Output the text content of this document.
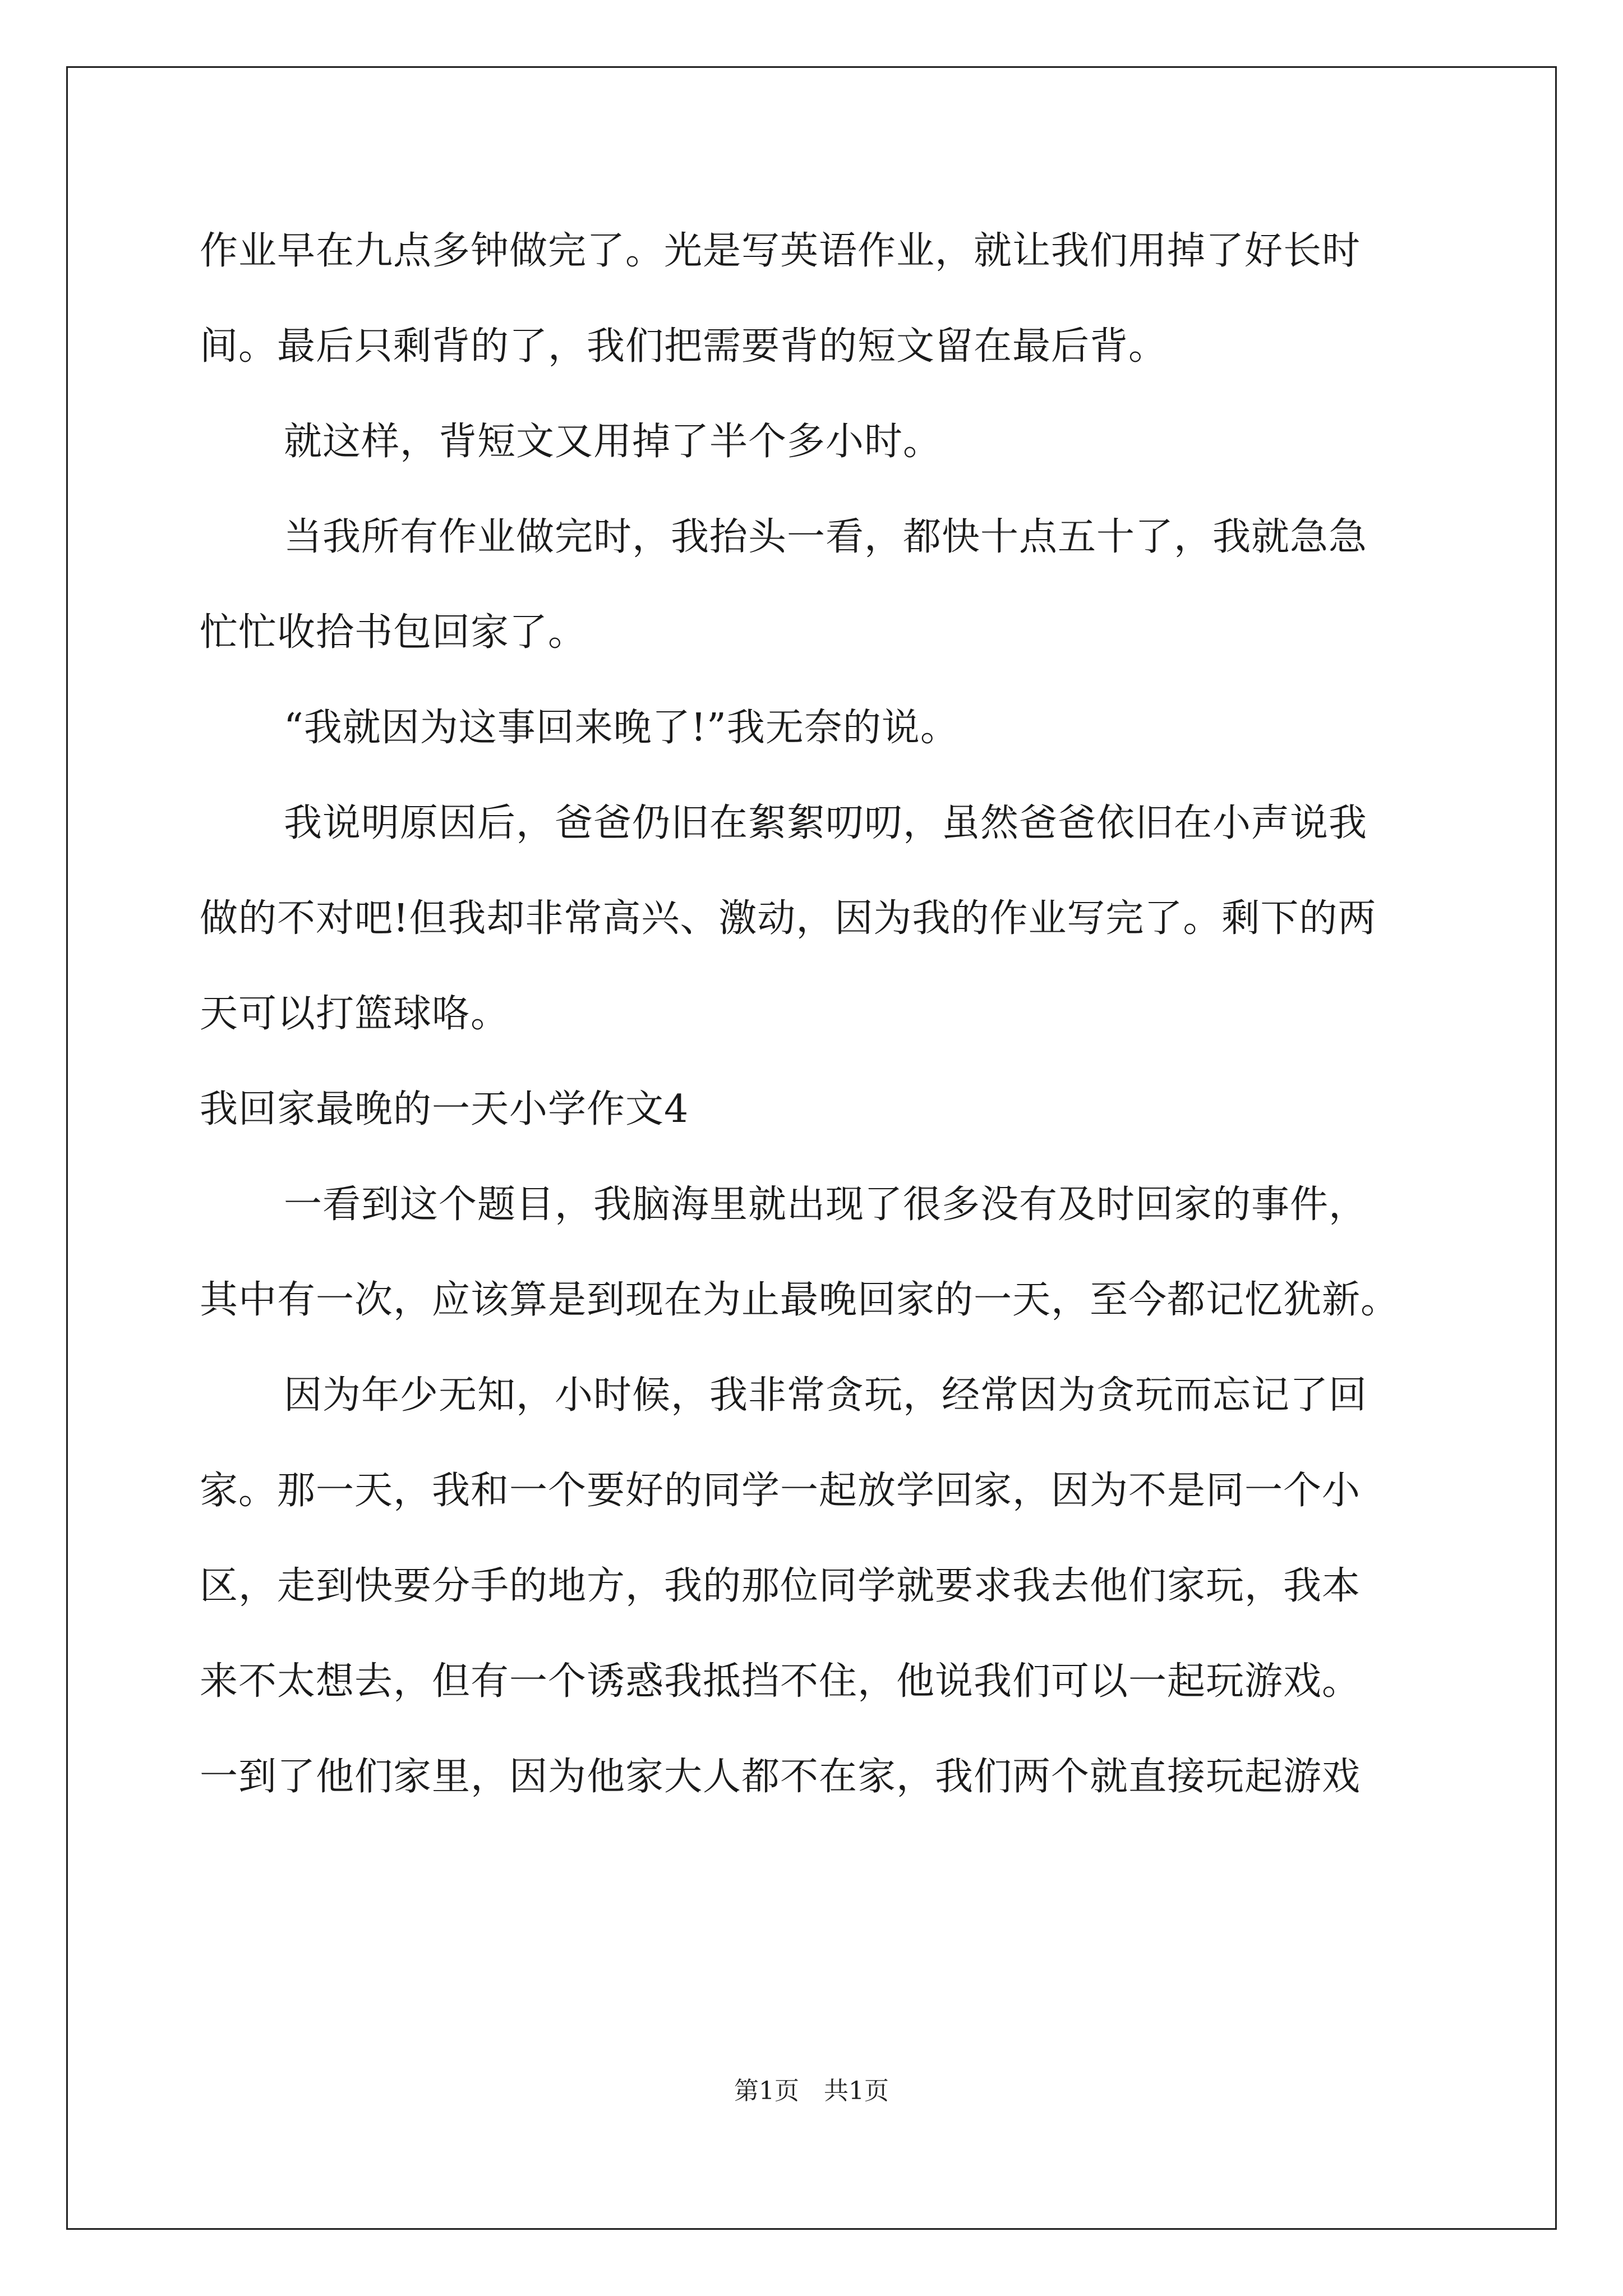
作业早在九点多钟做完了。光是写英语作业，就让我们用掉了好长时
间。最后只剩背的了，我们把需要背的短文留在最后背。
就这样，背短文又用掉了半个多小时。
当我所有作业做完时，我抬头一看，都快十点五十了，我就急急
忙忙收拾书包回家了。
“我就因为这事回来晚了!”我无奈的说。
我说明原因后，爸爸仍旧在絮絮叨叨，虽然爸爸依旧在小声说我
做的不对吧!但我却非常高兴、激动，因为我的作业写完了。剩下的两
天可以打篮球咯。
我回家最晚的一天小学作文4
一看到这个题目，我脑海里就出现了很多没有及时回家的事件，
其中有一次，应该算是到现在为止最晚回家的一天，至今都记忆犹新。
因为年少无知，小时候，我非常贪玩，经常因为贪玩而忘记了回
家。那一天，我和一个要好的同学一起放学回家，因为不是同一个小
区，走到快要分手的地方，我的那位同学就要求我去他们家玩，我本
来不太想去，但有一个诱惑我抵挡不住，他说我们可以一起玩游戏。
一到了他们家里，因为他家大人都不在家，我们两个就直接玩起游戏
第1页　共1页
